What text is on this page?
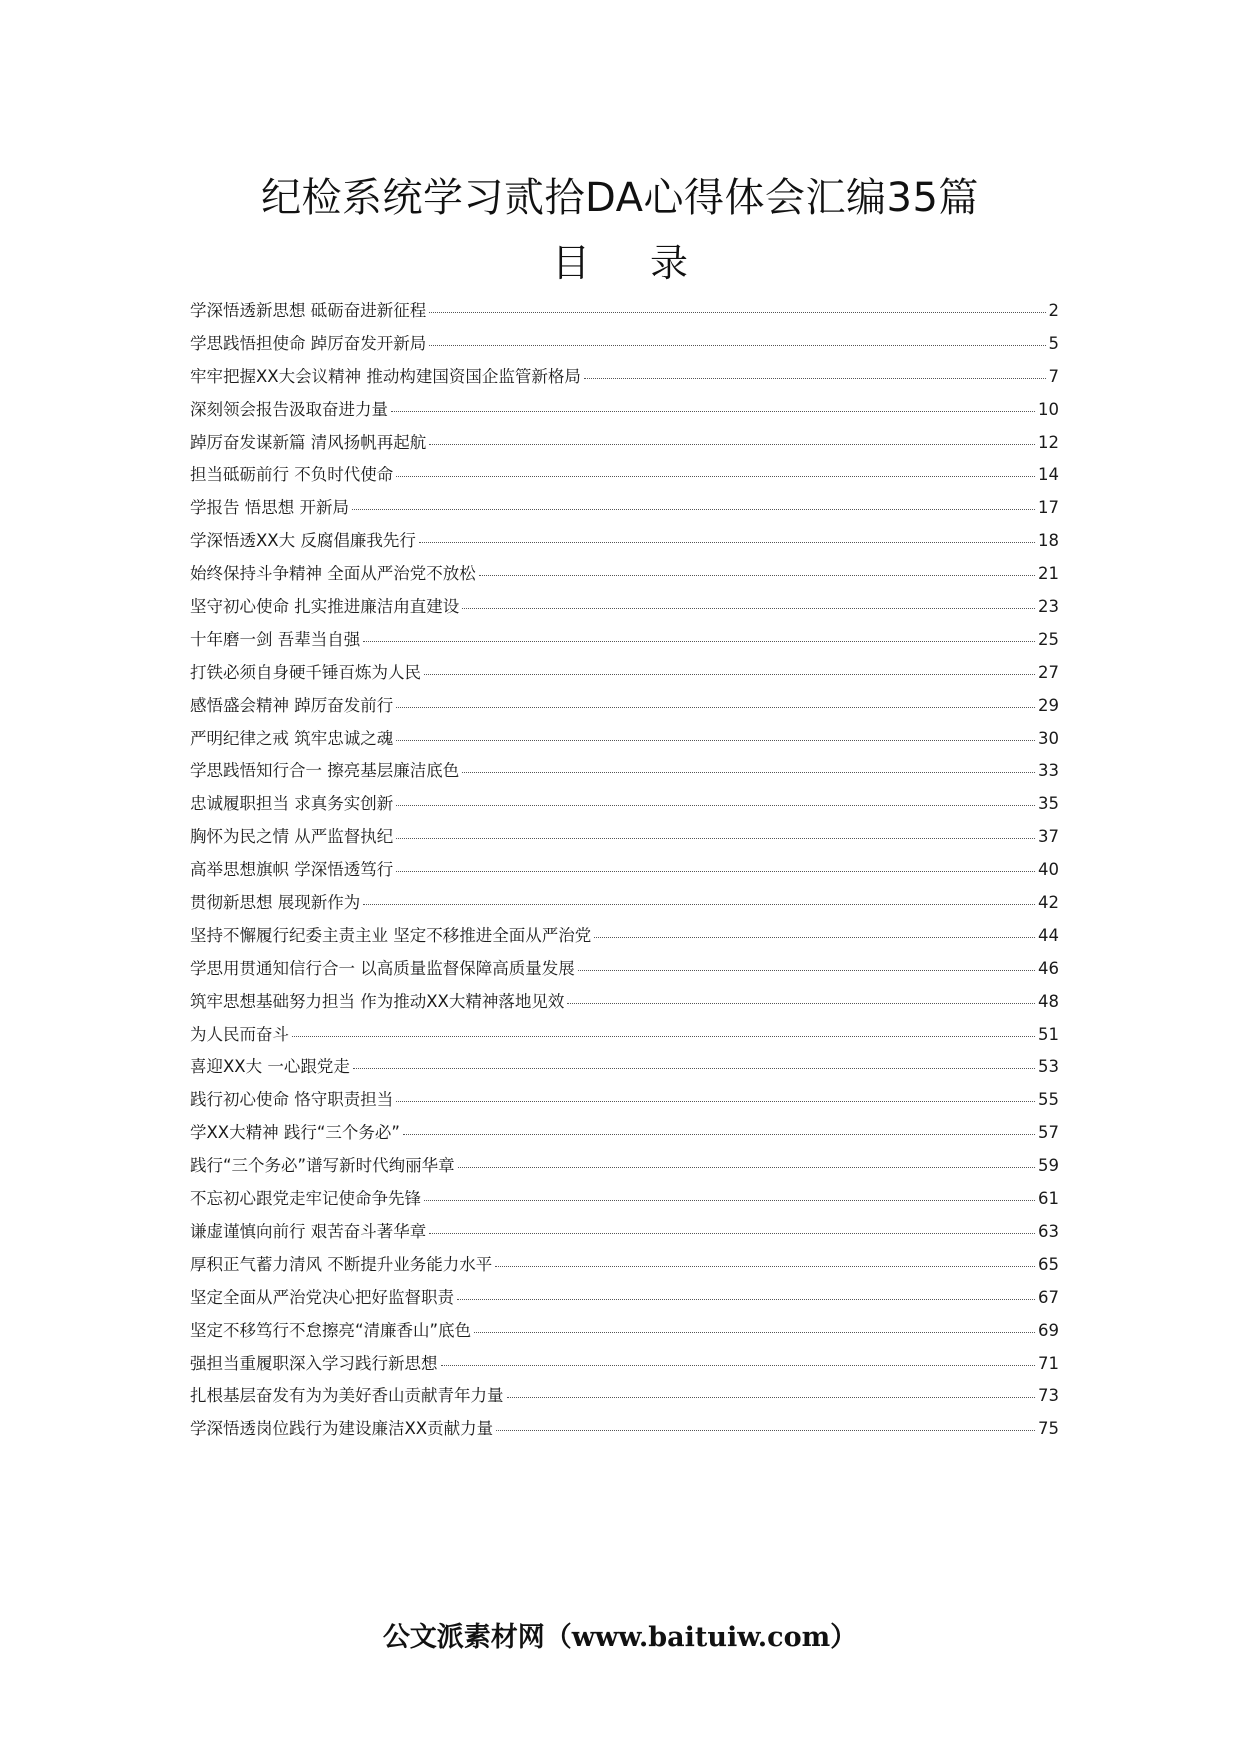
纪检系统学习贰拾DA心得体会汇编35篇
目 录
学深悟透新思想 砥砺奋进新征程	2
学思践悟担使命 踔厉奋发开新局	5
牢牢把握XX大会议精神 推动构建国资国企监管新格局	7
深刻领会报告汲取奋进力量	10
踔厉奋发谋新篇 清风扬帆再起航	12
担当砥砺前行 不负时代使命	14
学报告 悟思想 开新局	17
学深悟透XX大 反腐倡廉我先行	18
始终保持斗争精神 全面从严治党不放松	21
坚守初心使命 扎实推进廉洁甪直建设	23
十年磨一剑 吾辈当自强	25
打铁必须自身硬千锤百炼为人民	27
感悟盛会精神 踔厉奋发前行	29
严明纪律之戒 筑牢忠诚之魂	30
学思践悟知行合一 擦亮基层廉洁底色	33
忠诚履职担当 求真务实创新	35
胸怀为民之情 从严监督执纪	37
高举思想旗帜 学深悟透笃行	40
贯彻新思想 展现新作为	42
坚持不懈履行纪委主责主业 坚定不移推进全面从严治党	44
学思用贯通知信行合一 以高质量监督保障高质量发展	46
筑牢思想基础努力担当 作为推动XX大精神落地见效	48
为人民而奋斗	51
喜迎XX大 一心跟党走	53
践行初心使命 恪守职责担当	55
学XX大精神 践行“三个务必”	57
践行“三个务必”谱写新时代绚丽华章	59
不忘初心跟党走牢记使命争先锋	61
谦虚谨慎向前行 艰苦奋斗著华章	63
厚积正气蓄力清风 不断提升业务能力水平	65
坚定全面从严治党决心把好监督职责	67
坚定不移笃行不怠擦亮“清廉香山”底色	69
强担当重履职深入学习践行新思想	71
扎根基层奋发有为为美好香山贡献青年力量	73
学深悟透岗位践行为建设廉洁XX贡献力量	75
公文派素材网（www.baituiw.com）
